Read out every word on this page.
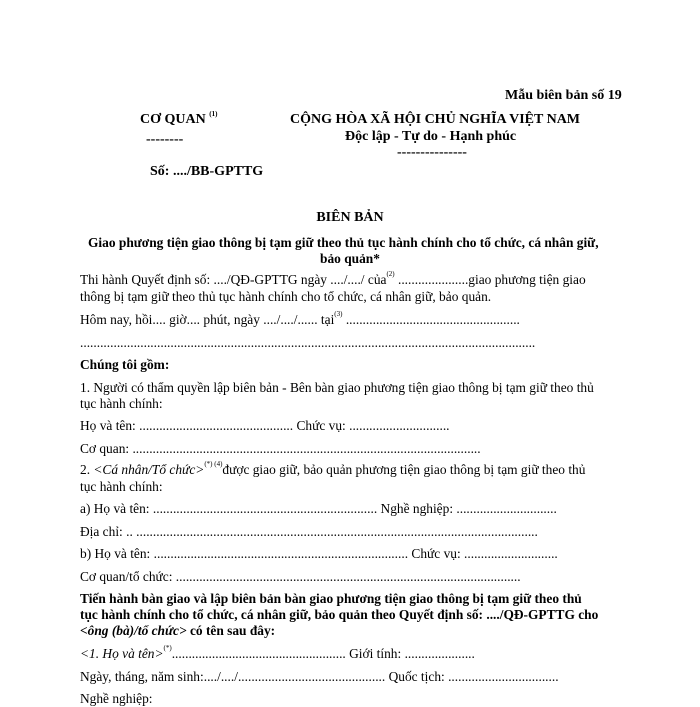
Mẫu biên bản số 19
CƠ QUAN $^{(1)}$
--------
Số: ..../BB-GPTTG
CỘNG HÒA XÃ HỘI CHỦ NGHĨA VIỆT NAM
Độc lập - Tự do - Hạnh phúc
---------------
BIÊN BẢN
Giao phương tiện giao thông bị tạm giữ theo thủ tục hành chính cho tổ chức, cá nhân giữ,
bảo quản*
Thi hành Quyết định số: ..../QĐ-GPTTG ngày ..../..../ của$^{(2)}$ .....................giao phương tiện giao
thông bị tạm giữ theo thủ tục hành chính cho tổ chức, cá nhân giữ, bảo quản.
Hôm nay, hồi.... giờ.... phút, ngày ..../..../...... tại$^{(3)}$ ....................................................
........................................................................................................................................
Chúng tôi gồm:
1. Người có thẩm quyền lập biên bản - Bên bàn giao phương tiện giao thông bị tạm giữ theo thủ
tục hành chính:
Họ và tên: .............................................. Chức vụ: ..............................
Cơ quan: ........................................................................................................
2. <Cá nhân/Tổ chức>$^{(*) (4)}$được giao giữ, bảo quản phương tiện giao thông bị tạm giữ theo thủ
tục hành chính:
a) Họ và tên: ................................................................... Nghề nghiệp: ..............................
Địa chỉ: .. ........................................................................................................................
b) Họ và tên: ............................................................................ Chức vụ: ............................
Cơ quan/tổ chức: .......................................................................................................
Tiến hành bàn giao và lập biên bản bàn giao phương tiện giao thông bị tạm giữ theo thủ
tục hành chính cho tổ chức, cá nhân giữ, bảo quản theo Quyết định số: ..../QĐ-GPTTG cho
<ông (bà)/tổ chức> có tên sau đây:
<1. Họ và tên>(*).................................................... Giới tính: .....................
Ngày, tháng, năm sinh:..../..../............................................ Quốc tịch: .................................
Nghề nghiệp:
